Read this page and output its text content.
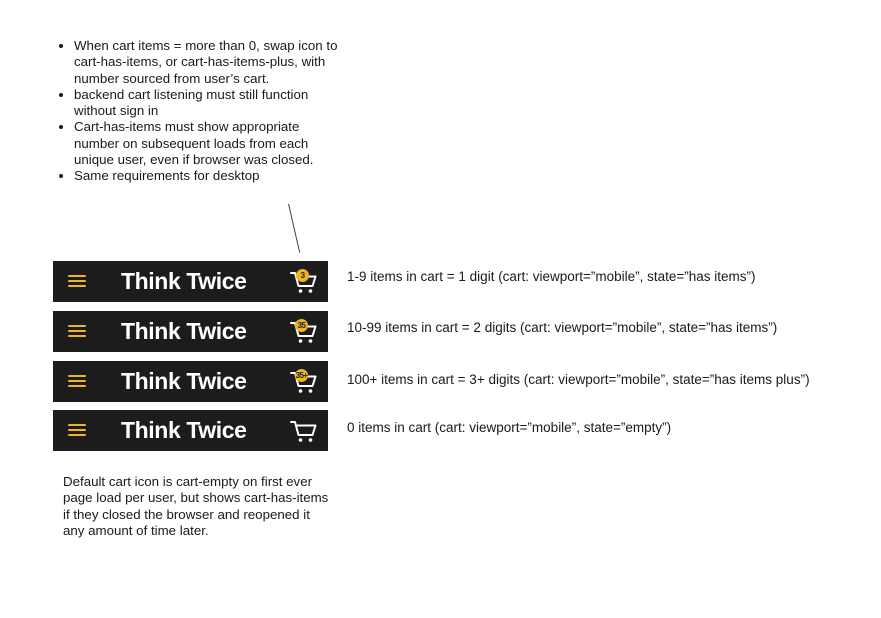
• When cart items = more than 0, swap icon to cart-has-items, or cart-has-items-plus, with number sourced from user’s cart.
• backend cart listening must still function without sign in
• Cart-has-items must show appropriate number on subsequent loads from each unique user, even if browser was closed.
• Same requirements for desktop
Think Twice	3	1-9 items in cart = 1 digit (cart: viewport=”mobile”, state=”has items”)
Think Twice	35	10-99 items in cart = 2 digits (cart: viewport=”mobile”, state=”has items”)
Think Twice	35+	100+ items in cart = 3+ digits (cart: viewport=”mobile”, state=”has items plus”)
Think Twice	0 items in cart (cart: viewport=”mobile”, state=”empty”)
Default cart icon is cart-empty on first ever page load per user, but shows cart-has-items if they closed the browser and reopened it any amount of time later.
